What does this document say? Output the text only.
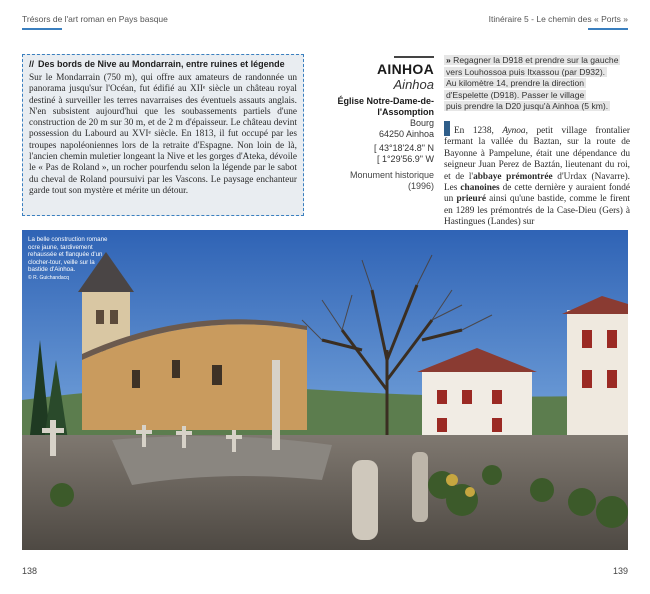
Trésors de l'art roman en Pays basque	Itinéraire 5 - Le chemin des « Ports »
// Des bords de Nive au Mondarrain, entre ruines et légende

Sur le Mondarrain (750 m), qui offre aux amateurs de randonnée un panorama jusqu'sur l'Océan, fut édifié au XIIᵉ siècle un château royal destiné à surveiller les terres navarraises des éventuels assauts anglais. N'en subsistent aujourd'hui que les soubassements partiels d'une construction de 20 m sur 30 m, et de 2 m d'épaisseur. Le château devint possession du Labourd au XVIᵉ siècle. En 1813, il fut occupé par les troupes napoléoniennes lors de la retraite d'Espagne. Non loin de là, l'ancien chemin muletier longeant la Nive et les gorges d'Ateka, dévoile le « Pas de Roland », un rocher pourfendu selon la légende par le sabot du cheval de Roland poursuivi par les Vascons. Le paysage enchanteur garde tout son mystère et mérite un détour.

AINHOA
Ainhoa
Église Notre-Dame-de-l'Assomption
Bourg
64250 Ainhoa
[ 43°18'24.8" N
[ 1°29'56.9" W
Monument historique (1996)
» Regagner la D918 et prendre sur la gauche
vers Louhossoa puis Itxassou (par D932).
Au kilomètre 14, prendre la direction
d'Espelette (D918). Passer le village
puis prendre la D20 jusqu'à Ainhoa (5 km).

En 1238, Aynoa, petit village frontalier fermant la vallée du Baztan, sur la route de Bayonne à Pampelune, était une dépendance du seigneur Juan Perez de Baztán, lieutenant du roi, et de l'abbaye prémontrée d'Urdax (Navarre). Les chanoines de cette dernière y auraient fondé un prieuré ainsi qu'une bastide, comme le firent en 1289 les prémontrés de la Case-Dieu (Gers) à Hastingues (Landes) sur

La belle construction romane ocre jaune, tardivement rehaussée et flanquée d'un clocher-tour, veille sur la bastide d'Ainhoa.
© R. Guichandacq
138	139
